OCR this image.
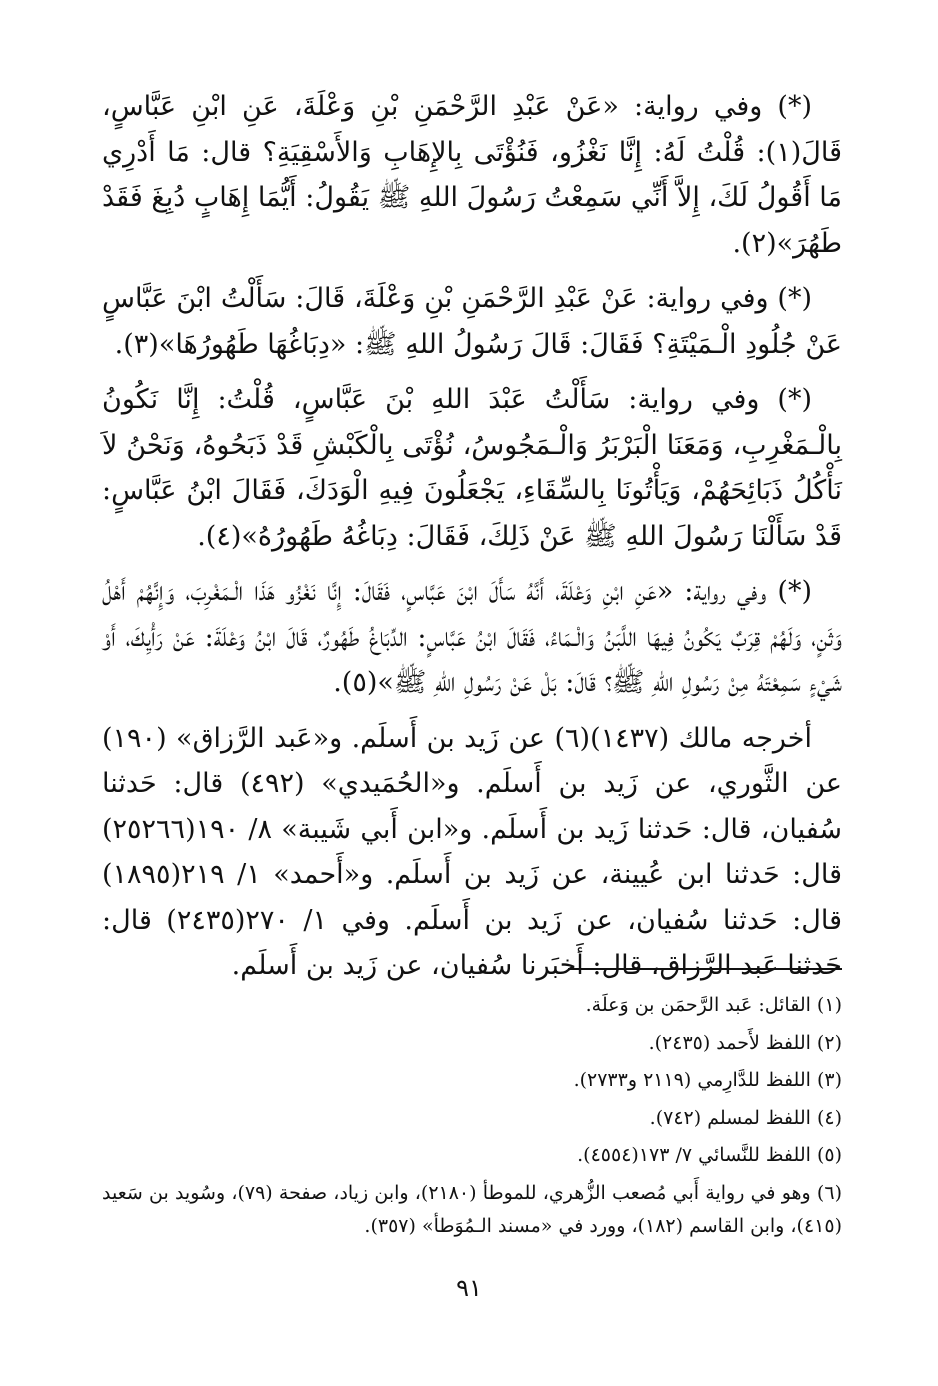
(*) وفي رواية: «عَنْ عَبْدِ الرَّحْمَنِ بْنِ وَعْلَةَ، عَنِ ابْنِ عَبَّاسٍ، قَالَ(١): قُلْتُ لَهُ: إِنَّا نَغْزُو، فَنُؤْتَى بِالإِهَابِ وَالأَسْقِيَةِ؟ قال: مَا أَدْرِي مَا أَقُولُ لَكَ، إِلاَّ أَنِّي سَمِعْتُ رَسُولَ اللهِ ﷺ يَقُولُ: أَيُّمَا إِهَابٍ دُبِغَ فَقَدْ طَهُرَ»(٢).

(*) وفي رواية: عَنْ عَبْدِ الرَّحْمَنِ بْنِ وَعْلَةَ، قَالَ: سَأَلْتُ ابْنَ عَبَّاسٍ عَنْ جُلُودِ الْـمَيْتَةِ؟ فَقَالَ: قَالَ رَسُولُ اللهِ ﷺ: «دِبَاغُهَا طَهُورُهَا»(٣).

(*) وفي رواية: سَأَلْتُ عَبْدَ اللهِ بْنَ عَبَّاسٍ، قُلْتُ: إِنَّا نَكُونُ بِالْـمَغْرِبِ، وَمَعَنَا الْبَرْبَرُ وَالْـمَجُوسُ، نُؤْتَى بِالْكَبْشِ قَدْ ذَبَحُوهُ، وَنَحْنُ لاَ نَأْكُلُ ذَبَائِحَهُمْ، وَيَأْتُونَا بِالسِّقَاءِ، يَجْعَلُونَ فِيهِ الْوَدَكَ، فَقَالَ ابْنُ عَبَّاسٍ: قَدْ سَأَلْنَا رَسُولَ اللهِ ﷺ عَنْ ذَلِكَ، فَقَالَ: دِبَاغُهُ طَهُورُهُ»(٤).

(*) وفي رواية: «عَنِ ابْنِ وَعْلَةَ، أَنَّهُ سَأَلَ ابْنَ عَبَّاسٍ، فَقَالَ: إِنَّا نَغْزُو هَذَا الْـمَغْرِبَ، وَإِنَّهُمْ أَهْلُ وَثَنٍ، وَلَهُمْ قِرَبٌ يَكُونُ فِيهَا اللَّبَنُ وَالْـمَاءُ، فَقَالَ ابْنُ عَبَّاسٍ: الدِّبَاغُ طَهُورٌ، قَالَ ابْنُ وَعْلَةَ: عَنْ رَأْيِكَ، أَوْ شَيْءٍ سَمِعْتَهُ مِنْ رَسُولِ اللهِ ﷺ؟ قَالَ: بَلْ عَنْ رَسُولِ اللهِ ﷺ»(٥).

أخرجه مالك (١٤٣٧)(٦) عن زَيد بن أَسلَم. و«عَبد الرَّزاق» (١٩٠) عن الثَّوري، عن زَيد بن أَسلَم. و«الحُمَيدي» (٤٩٢) قال: حَدثنا سُفيان، قال: حَدثنا زَيد بن أَسلَم. و«ابن أَبي شَيبة» ٨/ ١٩٠(٢٥٢٦٦) قال: حَدثنا ابن عُيينة، عن زَيد بن أَسلَم. و«أَحمد» ١/ ٢١٩(١٨٩٥) قال: حَدثنا سُفيان، عن زَيد بن أَسلَم. وفي ١/ ٢٧٠(٢٤٣٥) قال: حَدثنا عَبد الرَّزاق، قال: أَخبَرنا سُفيان، عن زَيد بن أَسلَم.

(١) القائل: عَبد الرَّحمَن بن وَعلَة.
(٢) اللفظ لأَحمد (٢٤٣٥).
(٣) اللفظ للدَّارِمي (٢١١٩ و٢٧٣٣).
(٤) اللفظ لمسلم (٧٤٢).
(٥) اللفظ للنَّسائي ٧/ ١٧٣(٤٥٥٤).
(٦) وهو في رواية أَبي مُصعب الزُّهري، للموطأ (٢١٨٠)، وابن زياد، صفحة (٧٩)، وسُويد بن سَعيد (٤١٥)، وابن القاسم (١٨٢)، وورد في «مسند الـمُوَطأ» (٣٥٧).
٩١
